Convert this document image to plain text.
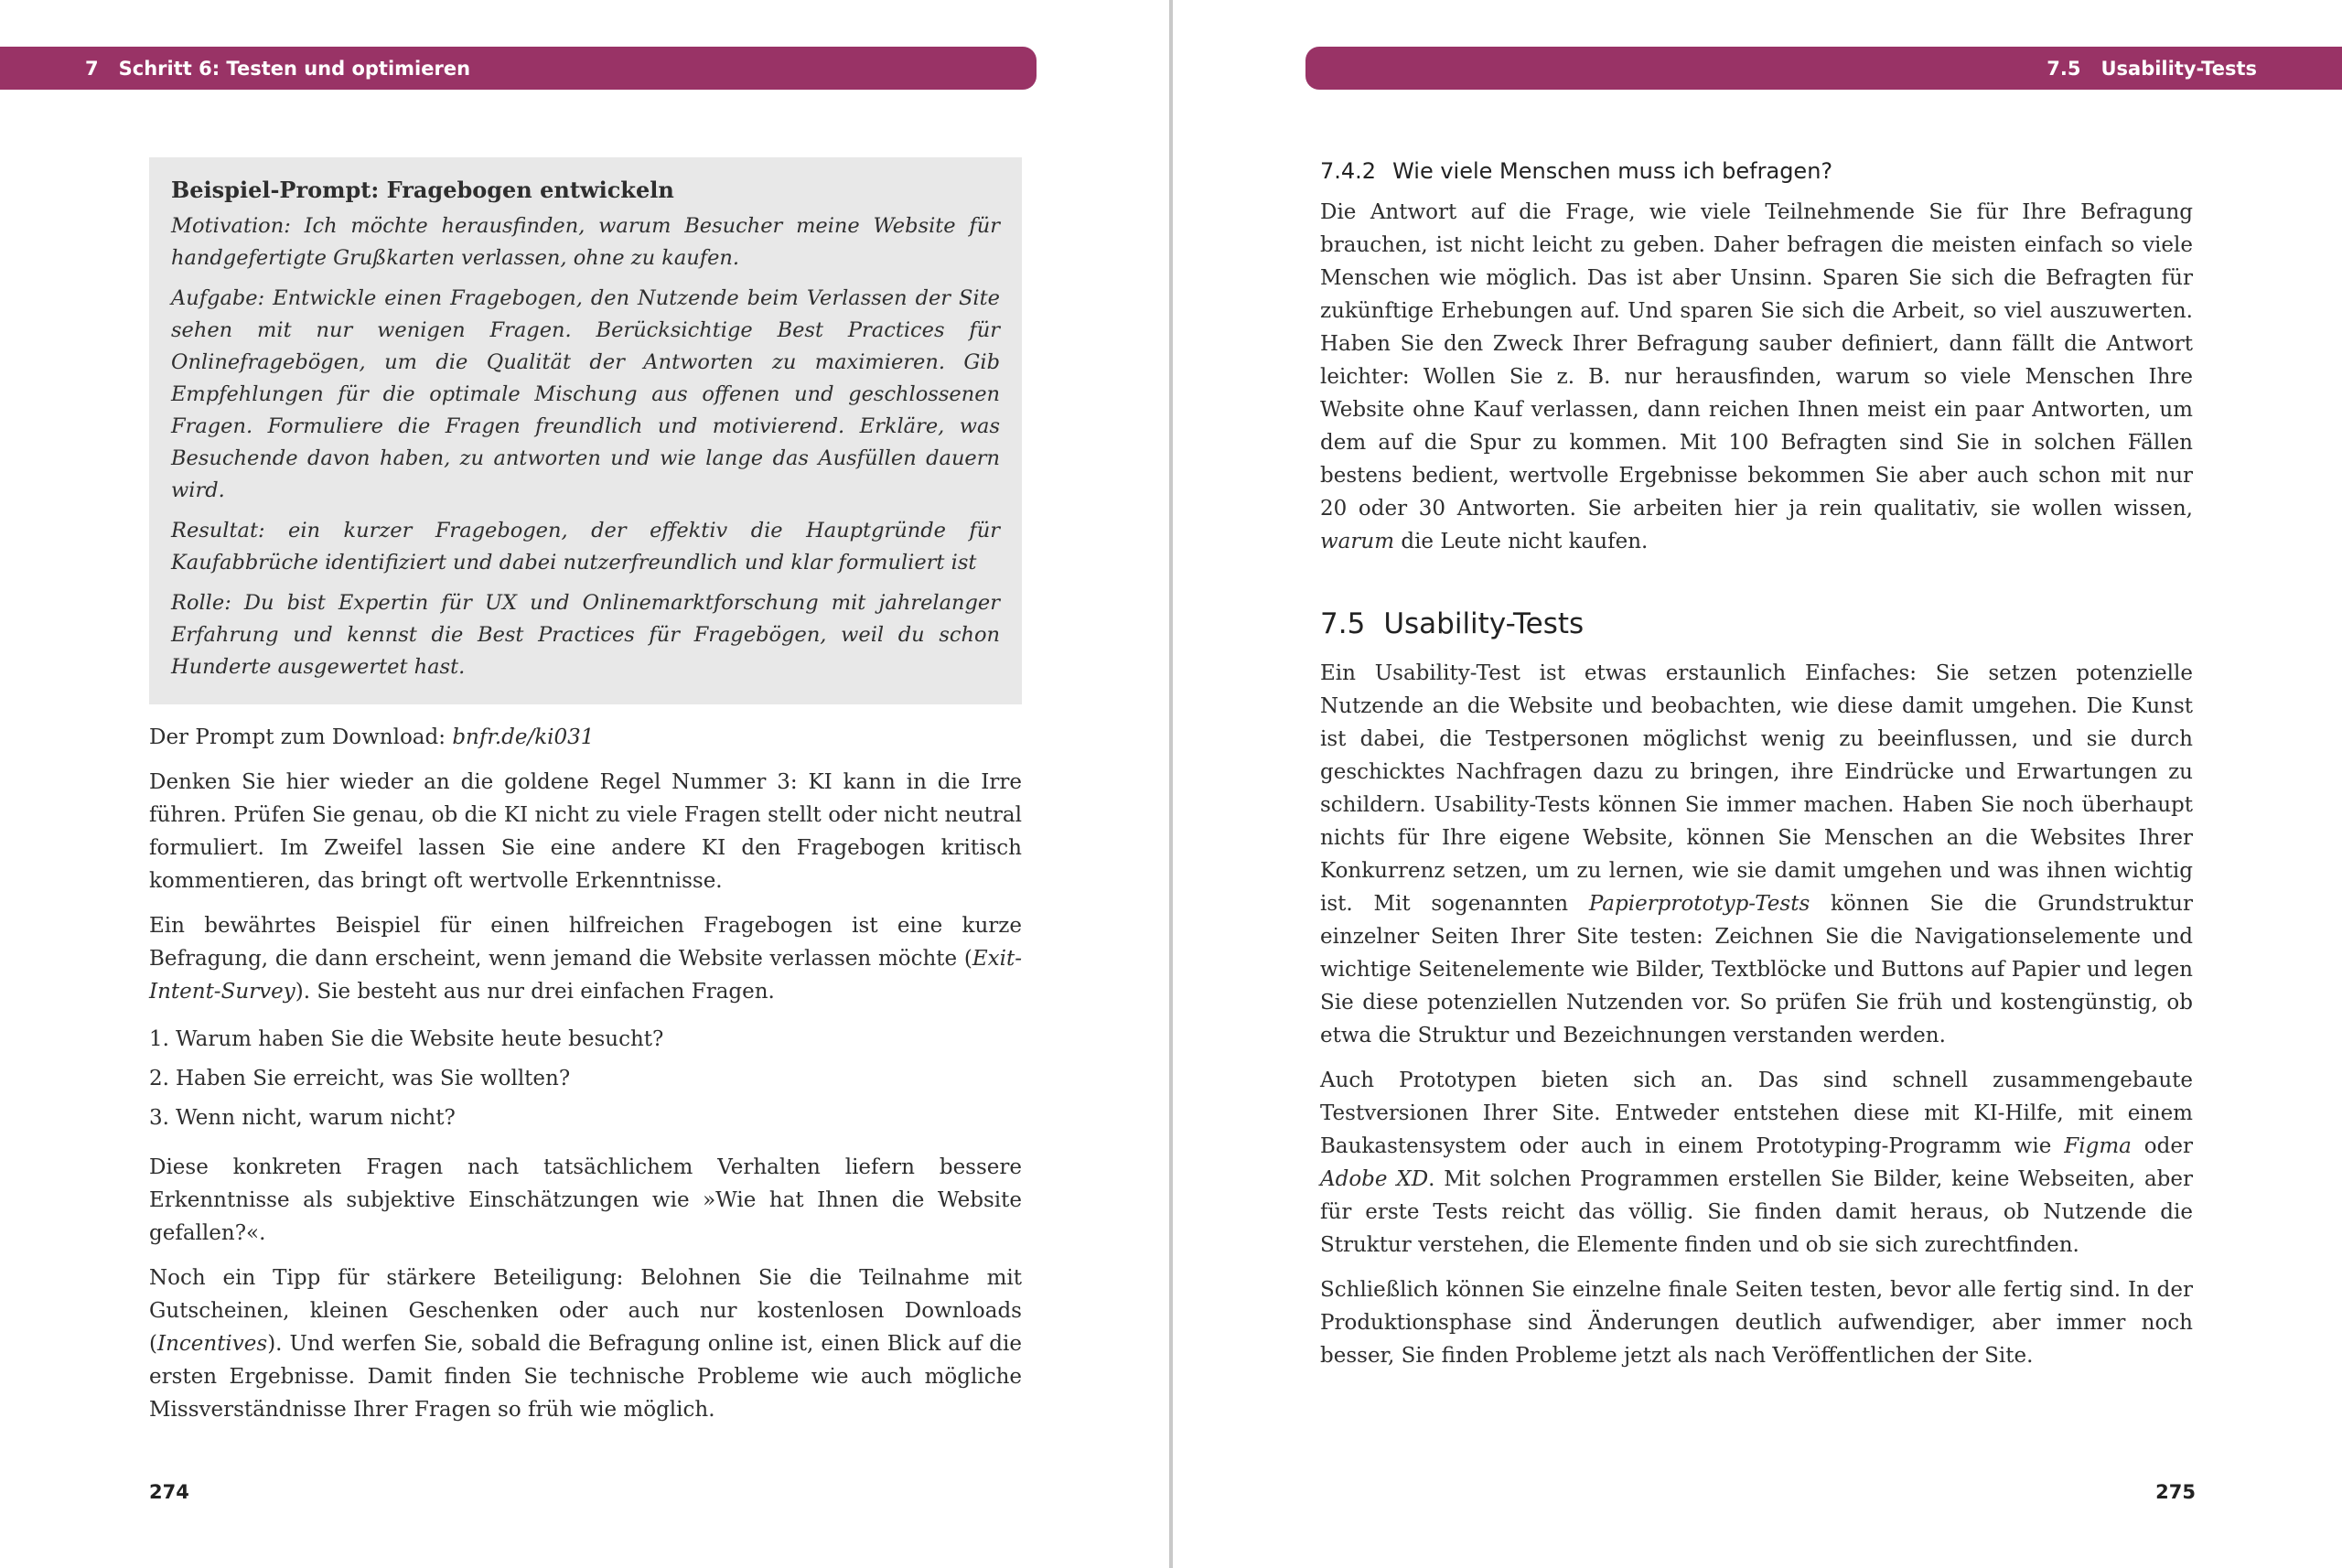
7 Schritt 6: Testen und optimieren
Beispiel-Prompt: Fragebogen entwickeln

Motivation: Ich möchte herausfinden, warum Besucher meine Website für handgefertigte Grußkarten verlassen, ohne zu kaufen.

Aufgabe: Entwickle einen Fragebogen, den Nutzende beim Verlassen der Site sehen mit nur wenigen Fragen. Berücksichtige Best Practices für Onlinefragebögen, um die Qualität der Antworten zu maximieren. Gib Empfehlungen für die optimale Mischung aus offenen und geschlossenen Fragen. Formuliere die Fragen freundlich und motivierend. Erkläre, was Besuchende davon haben, zu antworten und wie lange das Ausfüllen dauern wird.

Resultat: ein kurzer Fragebogen, der effektiv die Hauptgründe für Kaufabbrüche identifiziert und dabei nutzerfreundlich und klar formuliert ist

Rolle: Du bist Expertin für UX und Onlinemarktforschung mit jahrelanger Erfahrung und kennst die Best Practices für Fragebögen, weil du schon Hunderte ausgewertet hast.

Der Prompt zum Download: bnfr.de/ki031

Denken Sie hier wieder an die goldene Regel Nummer 3: KI kann in die Irre führen. Prüfen Sie genau, ob die KI nicht zu viele Fragen stellt oder nicht neutral formuliert. Im Zweifel lassen Sie eine andere KI den Fragebogen kritisch kommentieren, das bringt oft wertvolle Erkenntnisse.

Ein bewährtes Beispiel für einen hilfreichen Fragebogen ist eine kurze Befragung, die dann erscheint, wenn jemand die Website verlassen möchte (Exit-Intent-Survey). Sie besteht aus nur drei einfachen Fragen.

1. Warum haben Sie die Website heute besucht?
2. Haben Sie erreicht, was Sie wollten?
3. Wenn nicht, warum nicht?

Diese konkreten Fragen nach tatsächlichem Verhalten liefern bessere Erkenntnisse als subjektive Einschätzungen wie »Wie hat Ihnen die Website gefallen?«.

Noch ein Tipp für stärkere Beteiligung: Belohnen Sie die Teilnahme mit Gutscheinen, kleinen Geschenken oder auch nur kostenlosen Downloads (Incentives). Und werfen Sie, sobald die Befragung online ist, einen Blick auf die ersten Ergebnisse. Damit finden Sie technische Probleme wie auch mögliche Missverständnisse Ihrer Fragen so früh wie möglich.

274
7.5 Usability-Tests
7.4.2 Wie viele Menschen muss ich befragen?

Die Antwort auf die Frage, wie viele Teilnehmende Sie für Ihre Befragung brauchen, ist nicht leicht zu geben. Daher befragen die meisten einfach so viele Menschen wie möglich. Das ist aber Unsinn. Sparen Sie sich die Befragten für zukünftige Erhebungen auf. Und sparen Sie sich die Arbeit, so viel auszuwerten. Haben Sie den Zweck Ihrer Befragung sauber definiert, dann fällt die Antwort leichter: Wollen Sie z. B. nur herausfinden, warum so viele Menschen Ihre Website ohne Kauf verlassen, dann reichen Ihnen meist ein paar Antworten, um dem auf die Spur zu kommen. Mit 100 Befragten sind Sie in solchen Fällen bestens bedient, wertvolle Ergebnisse bekommen Sie aber auch schon mit nur 20 oder 30 Antworten. Sie arbeiten hier ja rein qualitativ, sie wollen wissen, warum die Leute nicht kaufen.

7.5 Usability-Tests

Ein Usability-Test ist etwas erstaunlich Einfaches: Sie setzen potenzielle Nutzende an die Website und beobachten, wie diese damit umgehen. Die Kunst ist dabei, die Testpersonen möglichst wenig zu beeinflussen, und sie durch geschicktes Nachfragen dazu zu bringen, ihre Eindrücke und Erwartungen zu schildern. Usability-Tests können Sie immer machen. Haben Sie noch überhaupt nichts für Ihre eigene Website, können Sie Menschen an die Websites Ihrer Konkurrenz setzen, um zu lernen, wie sie damit umgehen und was ihnen wichtig ist. Mit sogenannten Papierprototyp-Tests können Sie die Grundstruktur einzelner Seiten Ihrer Site testen: Zeichnen Sie die Navigationselemente und wichtige Seitenelemente wie Bilder, Textblöcke und Buttons auf Papier und legen Sie diese potenziellen Nutzenden vor. So prüfen Sie früh und kostengünstig, ob etwa die Struktur und Bezeichnungen verstanden werden.

Auch Prototypen bieten sich an. Das sind schnell zusammengebaute Testversionen Ihrer Site. Entweder entstehen diese mit KI-Hilfe, mit einem Baukastensystem oder auch in einem Prototyping-Programm wie Figma oder Adobe XD. Mit solchen Programmen erstellen Sie Bilder, keine Webseiten, aber für erste Tests reicht das völlig. Sie finden damit heraus, ob Nutzende die Struktur verstehen, die Elemente finden und ob sie sich zurechtfinden.

Schließlich können Sie einzelne finale Seiten testen, bevor alle fertig sind. In der Produktionsphase sind Änderungen deutlich aufwendiger, aber immer noch besser, Sie finden Probleme jetzt als nach Veröffentlichen der Site.

275
